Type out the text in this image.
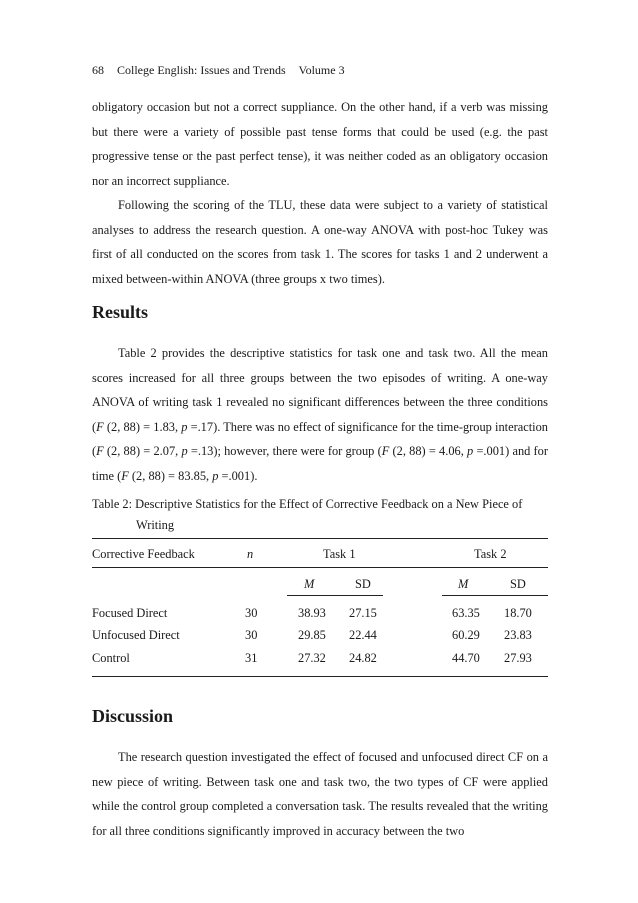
68 College English: Issues and Trends Volume 3
obligatory occasion but not a correct suppliance. On the other hand, if a verb was missing but there were a variety of possible past tense forms that could be used (e.g. the past progressive tense or the past perfect tense), it was neither coded as an obligatory occasion nor an incorrect suppliance.
Following the scoring of the TLU, these data were subject to a variety of statistical analyses to address the research question. A one-way ANOVA with post-hoc Tukey was first of all conducted on the scores from task 1. The scores for tasks 1 and 2 underwent a mixed between-within ANOVA (three groups x two times).
Results
Table 2 provides the descriptive statistics for task one and task two. All the mean scores increased for all three groups between the two episodes of writing. A one-way ANOVA of writing task 1 revealed no significant differences between the three conditions (F (2, 88) = 1.83, p =.17). There was no effect of significance for the time-group interaction (F (2, 88) = 2.07, p =.13); however, there were for group (F (2, 88) = 4.06, p =.001) and for time (F (2, 88) = 83.85, p =.001).
Table 2: Descriptive Statistics for the Effect of Corrective Feedback on a New Piece of
Writing
Corrective Feedback	n	Task 1	Task 2
M	SD	M	SD
Focused Direct	30	38.93 27.15	63.35 18.70
Unfocused Direct	30	29.85 22.44	60.29 23.83
Control	31	27.32 24.82	44.70 27.93
Discussion
The research question investigated the effect of focused and unfocused direct CF on a new piece of writing. Between task one and task two, the two types of CF were applied while the control group completed a conversation task. The results revealed that the writing for all three conditions significantly improved in accuracy between the two
